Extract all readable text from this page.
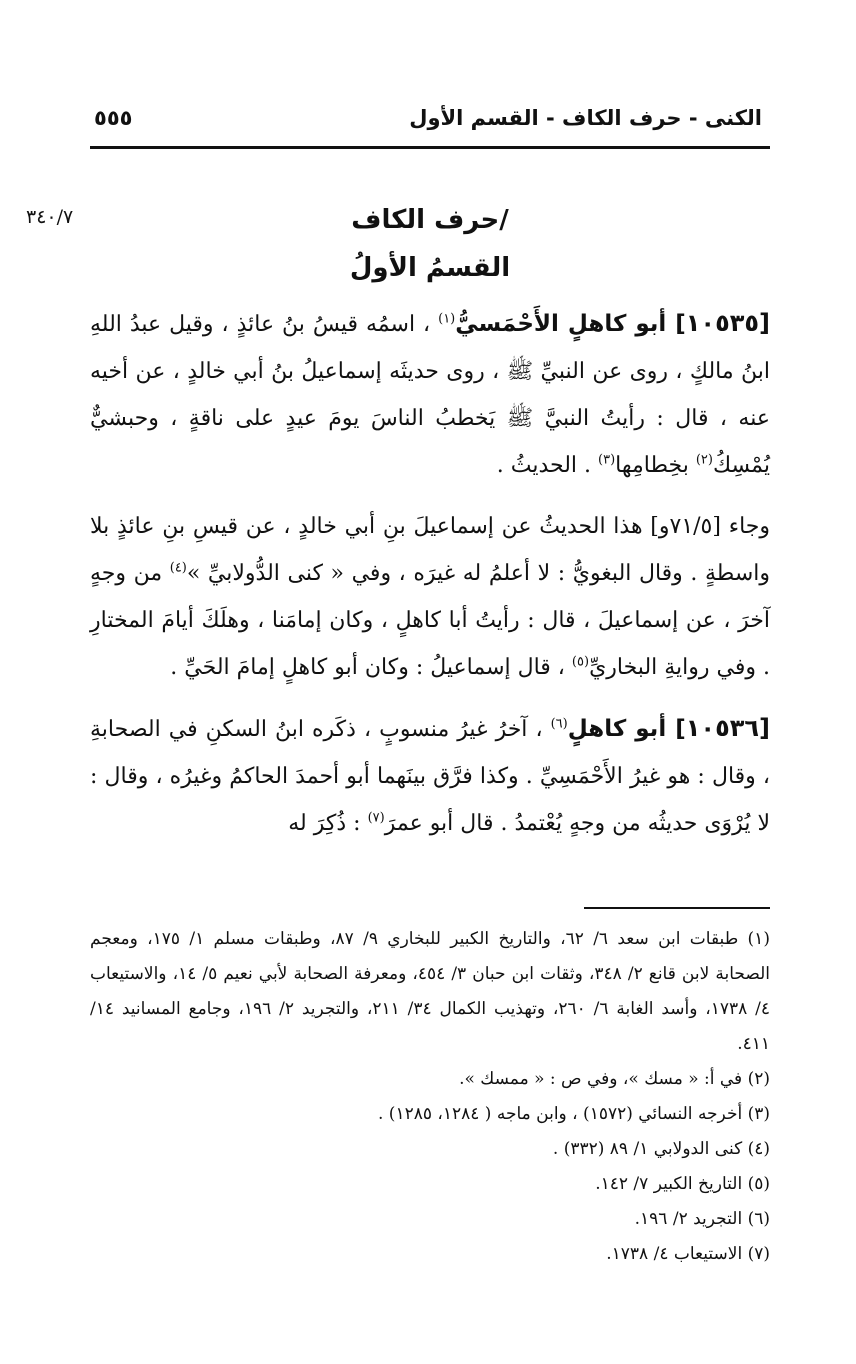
الكنى - حرف الكاف - القسم الأول
٥٥٥
٣٤٠/٧	/حرف الكاف
القسمُ الأولُ

[١٠٥٣٥] أبو كاهلٍ الأَحْمَسيُّ$^{(١)}$ ، اسمُه قيسُ بنُ عائذٍ ، وقيل عبدُ اللهِ ابنُ مالكٍ ، روى عن النبيِّ ﷺ ، روى حديثَه إسماعيلُ بنُ أبي خالدٍ ، عن أخيه عنه ، قال : رأيتُ النبيَّ ﷺ يَخطبُ الناسَ يومَ عيدٍ على ناقةٍ ، وحبشيٌّ يُمْسِكُ$^{(٢)}$ بخِطامِها$^{(٣)}$ . الحديثُ .

وجاء [٧١/٥و] هذا الحديثُ عن إسماعيلَ بنِ أبي خالدٍ ، عن قيسِ بنِ عائذٍ بلا واسطةٍ . وقال البغويُّ : لا أعلمُ له غيرَه ، وفي « كنى الدُّولابيِّ »$^{(٤)}$ من وجهٍ آخرَ ، عن إسماعيلَ ، قال : رأيتُ أبا كاهلٍ ، وكان إمامَنا ، وهلَكَ أيامَ المختارِ . وفي روايةِ البخاريِّ$^{(٥)}$ ، قال إسماعيلُ : وكان أبو كاهلٍ إمامَ الحَيِّ .

[١٠٥٣٦] أبو كاهلٍ$^{(٦)}$ ، آخرُ غيرُ منسوبٍ ، ذكَره ابنُ السكنِ في الصحابةِ ، وقال : هو غيرُ الأَحْمَسِيِّ . وكذا فرَّق بينَهما أبو أحمدَ الحاكمُ وغيرُه ، وقال : لا يُرْوَى حديثُه من وجهٍ يُعْتمدُ . قال أبو عمرَ$^{(٧)}$ : ذُكِرَ له

(١) طبقات ابن سعد ٦/ ٦٢، والتاريخ الكبير للبخاري ٩/ ٨٧، وطبقات مسلم ١/ ١٧٥، ومعجم الصحابة لابن قانع ٢/ ٣٤٨، وثقات ابن حبان ٣/ ٤٥٤، ومعرفة الصحابة لأبي نعيم ٥/ ١٤، والاستيعاب ٤/ ١٧٣٨، وأسد الغابة ٦/ ٢٦٠، وتهذيب الكمال ٣٤/ ٢١١، والتجريد ٢/ ١٩٦، وجامع المسانيد ١٤/ ٤١١.

(٢) في أ: « مسك »، وفي ص : « ممسك ».

(٣) أخرجه النسائي (١٥٧٢) ، وابن ماجه ( ١٢٨٤، ١٢٨٥) .

(٤) كنى الدولابي ١/ ٨٩ (٣٣٢) .

(٥) التاريخ الكبير ٧/ ١٤٢.

(٦) التجريد ٢/ ١٩٦.

(٧) الاستيعاب ٤/ ١٧٣٨.
